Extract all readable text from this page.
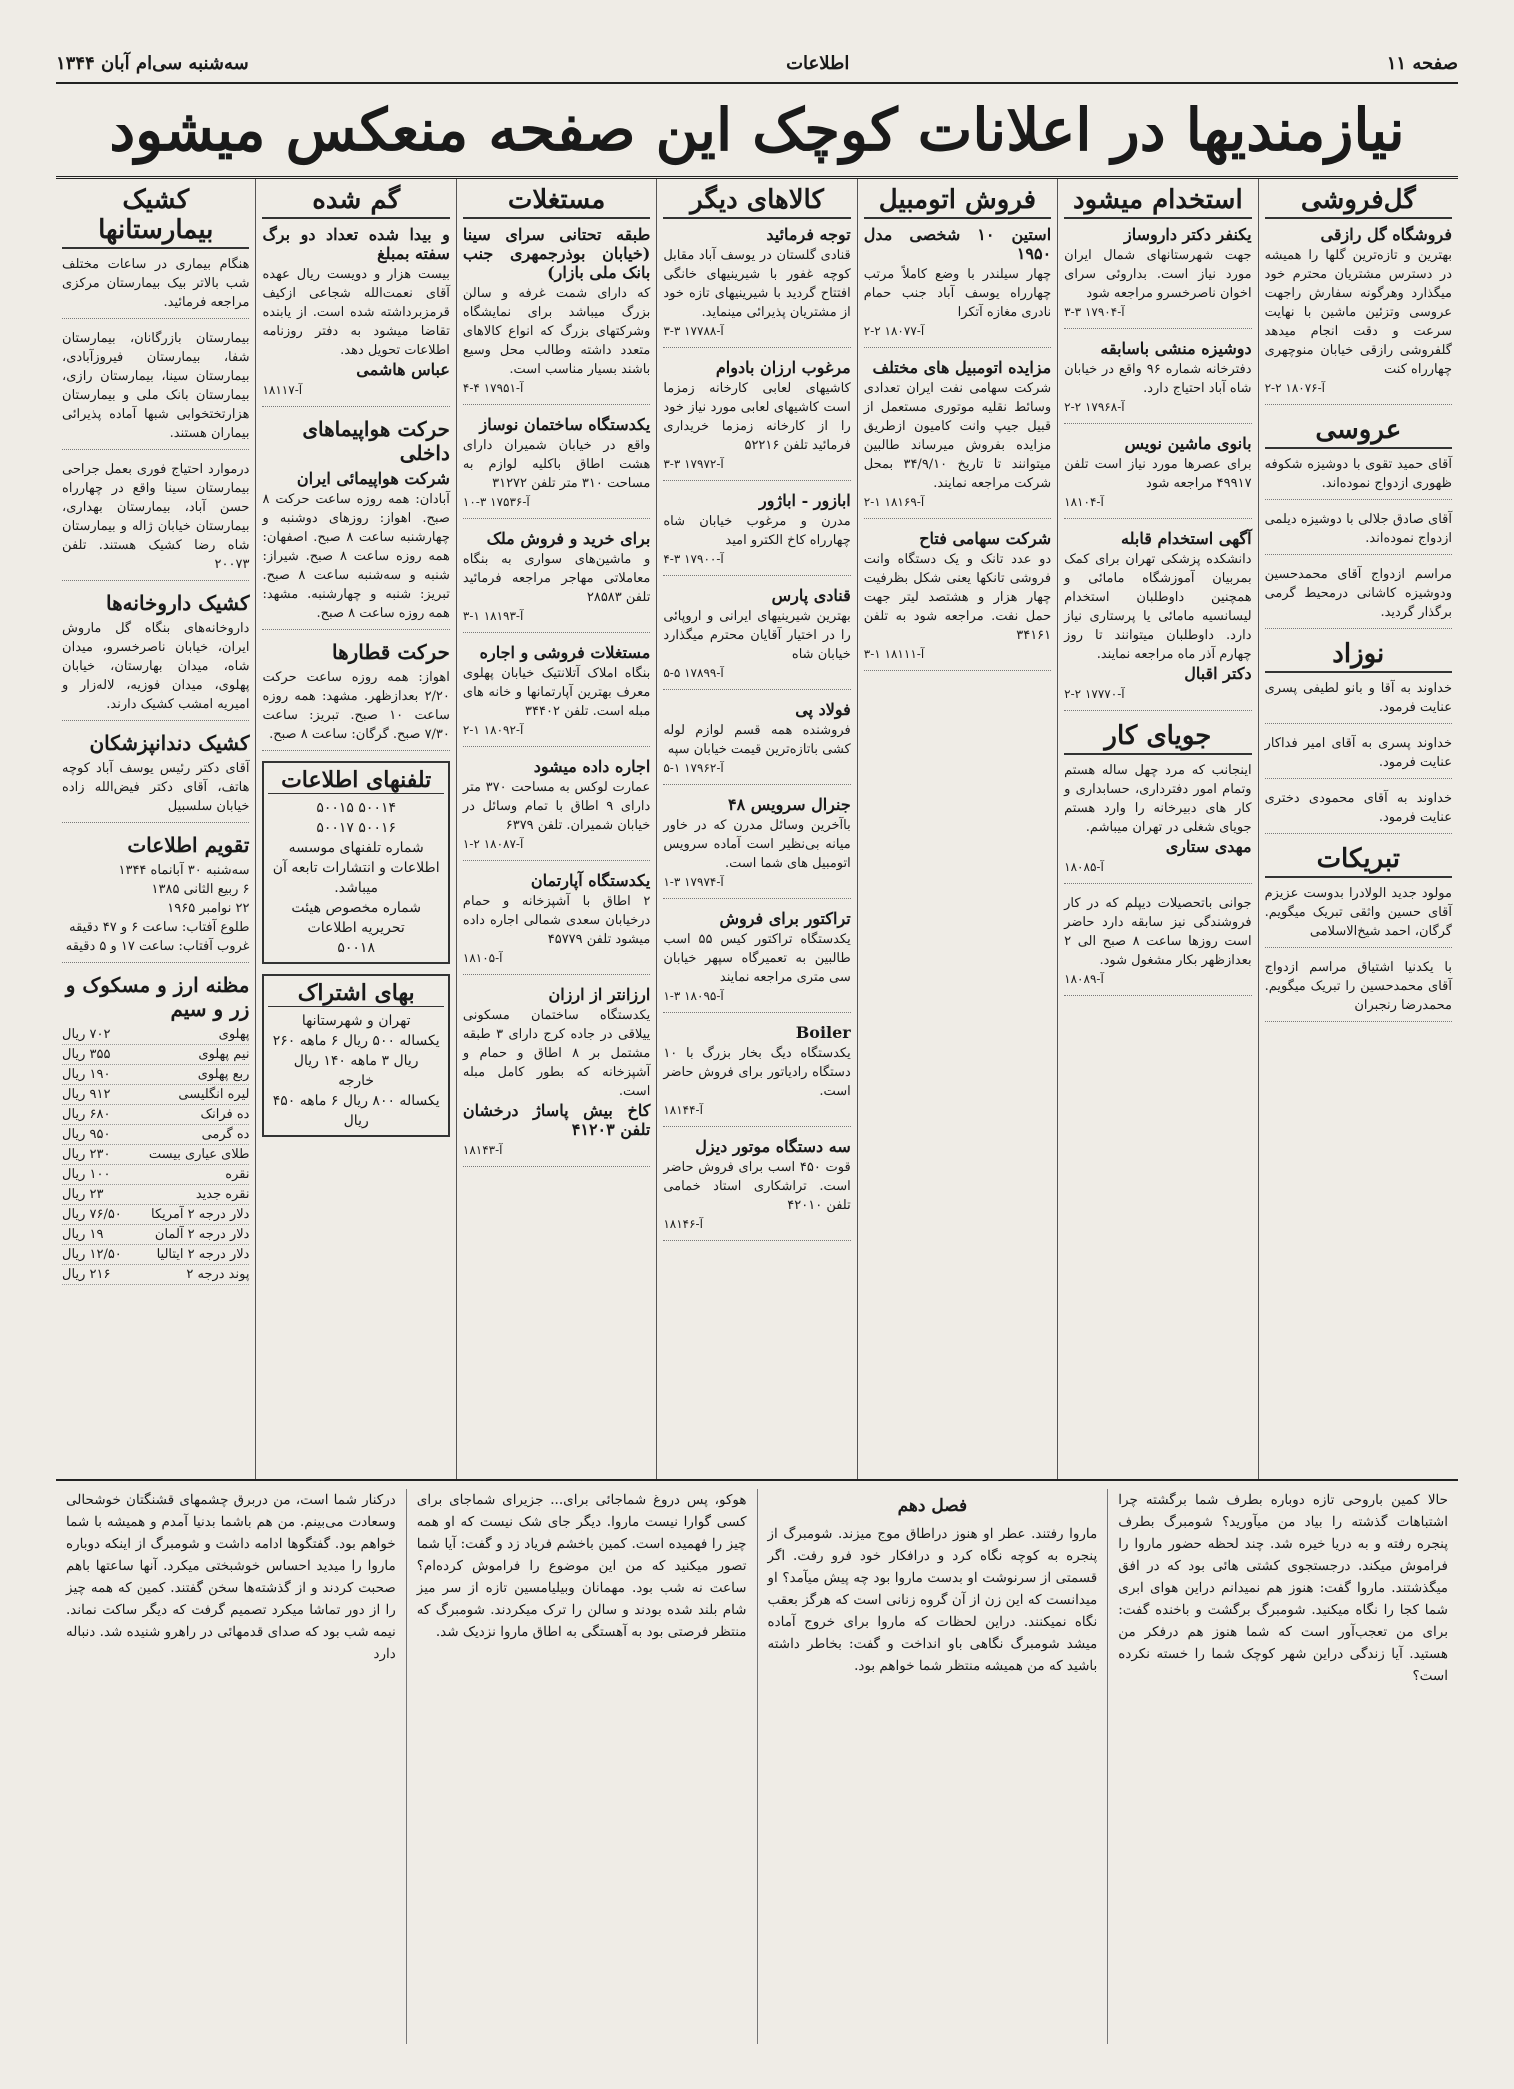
صفحه ۱۱
اطلاعات
سه‌شنبه سی‌ام آبان ۱۳۴۴
نیازمندیها در اعلانات کوچک این صفحه منعکس میشود
گل‌فروشی
فروشگاه گل رازقی
بهترین و تازه‌ترین گلها را همیشه در دسترس مشتریان محترم خود میگذارد وهرگونه سفارش راجهت عروسی وتزئین ماشین با نهایت سرعت و دقت انجام میدهد گلفروشی رازقی خیابان منوچهری چهارراه کنت
آ-۱۸۰۷۶ ۲-۲
عروسی
آقای حمید تقوی با دوشیزه شکوفه ظهوری ازدواج نموده‌اند.
آقای صادق جلالی با دوشیزه دیلمی ازدواج نموده‌اند.
مراسم ازدواج آقای محمدحسین ودوشیزه کاشانی درمحیط گرمی برگذار گردید.
نوزاد
خداوند به آقا و بانو لطیفی پسری عنایت فرمود.
خداوند پسری به آقای امیر فداکار عنایت فرمود.
خداوند به آقای محمودی دختری عنایت فرمود.
تبریکات
مولود جدید الولادرا بدوست عزیزم آقای حسین واثقی تبریک میگویم. گرگان، احمد شیخ‌الاسلامی
با یکدنیا اشتیاق مراسم ازدواج آقای محمدحسین را تبریک میگویم. محمدرضا رنجبران
استخدام میشود
یکنفر دکتر داروساز
جهت شهرستانهای شمال ایران مورد نیاز است. بداروئی سرای اخوان ناصرخسرو مراجعه شود
آ-۱۷۹۰۴ ۳-۳
دوشیزه منشی باسابقه
دفترخانه شماره ۹۶ واقع در خیابان شاه آباد احتیاج دارد.
آ-۱۷۹۶۸ ۲-۲
بانوی ماشین نویس
برای عصرها مورد نیاز است تلفن ۴۹۹۱۷ مراجعه شود
آ-۱۸۱۰۴
آگهی استخدام قابله
دانشکده پزشکی تهران برای کمک بمربیان آموزشگاه مامائی و همچنین داوطلبان استخدام لیسانسیه مامائی یا پرستاری نیاز دارد. داوطلبان میتوانند تا روز چهارم آذر ماه مراجعه نمایند.
دکتر اقبال
آ-۱۷۷۷۰ ۲-۲
جویای کار
اینجانب که مرد چهل ساله هستم وتمام امور دفترداری، حسابداری و کار های دبیرخانه را وارد هستم جویای شغلی در تهران میباشم.
مهدی ستاری
آ-۱۸۰۸۵
جوانی باتحصیلات دیپلم که در کار فروشندگی نیز سابقه دارد حاضر است روزها ساعت ۸ صبح الی ۲ بعدازظهر بکار مشغول شود.
آ-۱۸۰۸۹
فروش اتومبیل
استین ۱۰ شخصی مدل ۱۹۵۰
چهار سیلندر با وضع کاملاً مرتب چهارراه یوسف آباد جنب حمام نادری مغازه آتکرا
آ-۱۸۰۷۷ ۲-۲
مزایده اتومبیل های مختلف
شرکت سهامی نفت ایران تعدادی وسائط نقلیه موتوری مستعمل از قبیل جیپ وانت کامیون ازطریق مزایده بفروش میرساند طالبین میتوانند تا تاریخ ۳۴/۹/۱۰ بمحل شرکت مراجعه نمایند.
آ-۱۸۱۶۹ ۱-۲
شرکت سهامی فتاح
دو عدد تانک و یک دستگاه وانت فروشی تانکها یعنی شکل بظرفیت چهار هزار و هشتصد لیتر جهت حمل نفت. مراجعه شود به تلفن ۳۴۱۶۱
آ-۱۸۱۱۱ ۱-۳
کالاهای دیگر
توجه فرمائید
قنادی گلستان در یوسف آباد مقابل کوچه غفور با شیرینیهای خانگی افتتاح گردید با شیرینیهای تازه خود از مشتریان پذیرائی مینماید.
آ-۱۷۷۸۸ ۳-۳
مرغوب ارزان بادوام
کاشیهای لعابی کارخانه زمزما است کاشیهای لعابی مورد نیاز خود را از کارخانه زمزما خریداری فرمائید تلفن ۵۲۲۱۶
آ-۱۷۹۷۲ ۳-۳
ابازور - اباژور
مدرن و مرغوب خیابان شاه چهارراه کاخ الکترو امید
آ-۱۷۹۰۰ ۳-۴
قنادی پارس
بهترین شیرینیهای ایرانی و اروپائی را در اختیار آقایان محترم میگذارد خیابان شاه
آ-۱۷۸۹۹ ۵-۵
فولاد پی
فروشنده همه قسم لوازم لوله کشی باتازه‌ترین قیمت خیابان سپه
آ-۱۷۹۶۲ ۱-۵
جنرال سرویس ۴۸
باآخرین وسائل مدرن که در خاور میانه بی‌نظیر است آماده سرویس اتومبیل های شما است.
آ-۱۷۹۷۴ ۳-۱
تراکتور برای فروش
یکدستگاه تراکتور کیس ۵۵ اسب طالبین به تعمیرگاه سپهر خیابان سی متری مراجعه نمایند
آ-۱۸۰۹۵ ۳-۱
Boiler
یکدستگاه دیگ بخار بزرگ با ۱۰ دستگاه رادیاتور برای فروش حاضر است.
آ-۱۸۱۴۴
سه دستگاه موتور دیزل
قوت ۴۵۰ اسب برای فروش حاضر است. تراشکاری استاد خمامی تلفن ۴۲۰۱۰
آ-۱۸۱۴۶
مستغلات
طبقه تحتانی سرای سینا (خیابان بوذرجمهری جنب بانک ملی بازار)
که دارای شمت غرفه و سالن بزرگ میباشد برای نمایشگاه وشرکتهای بزرگ که انواع کالاهای متعدد داشته وطالب محل وسیع باشند بسیار مناسب است.
آ-۱۷۹۵۱ ۴-۴
یکدستگاه ساختمان نوساز
واقع در خیابان شمیران دارای هشت اطاق باکلیه لوازم به مساحت ۳۱۰ متر تلفن ۳۱۲۷۲
آ-۱۷۵۳۶ ۳-۱۰
برای خرید و فروش ملک
و ماشین‌های سواری به بنگاه معاملاتی مهاجر مراجعه فرمائید تلفن ۲۸۵۸۳
آ-۱۸۱۹۳ ۱-۳
مستغلات فروشی و اجاره
بنگاه املاک آتلانتیک خیابان پهلوی معرف بهترین آپارتمانها و خانه های مبله است. تلفن ۳۴۴۰۲
آ-۱۸۰۹۲ ۱-۲
اجاره داده میشود
عمارت لوکس به مساحت ۳۷۰ متر دارای ۹ اطاق با تمام وسائل در خیابان شمیران. تلفن ۶۳۷۹
آ-۱۸۰۸۷ ۲-۱
یکدستگاه آپارتمان
۲ اطاق با آشپزخانه و حمام درخیابان سعدی شمالی اجاره داده میشود تلفن ۴۵۷۷۹
آ-۱۸۱۰۵
ارزانتر از ارزان
یکدستگاه ساختمان مسکونی ییلاقی در جاده کرج دارای ۳ طبقه مشتمل بر ۸ اطاق و حمام و آشپزخانه که بطور کامل مبله است.
کاخ بیش پاساژ درخشان تلفن ۴۱۲۰۳
آ-۱۸۱۴۳
گم شده
و بیدا شده تعداد دو برگ سفته بمبلغ
بیست هزار و دویست ریال عهده آقای نعمت‌الله شجاعی ازکیف قرمزبرداشته شده است. از یابنده تقاضا میشود به دفتر روزنامه اطلاعات تحویل دهد.
عباس هاشمی
آ-۱۸۱۱۷
حرکت هواپیماهای داخلی
شرکت هواپیمائی ایران
آبادان: همه روزه ساعت حرکت ۸ صبح. اهواز: روزهای دوشنبه و چهارشنبه ساعت ۸ صبح. اصفهان: همه روزه ساعت ۸ صبح. شیراز: شنبه و سه‌شنبه ساعت ۸ صبح. تبریز: شنبه و چهارشنبه. مشهد: همه روزه ساعت ۸ صبح.
حرکت قطارها
اهواز: همه روزه ساعت حرکت ۲/۲۰ بعدازظهر. مشهد: همه روزه ساعت ۱۰ صبح. تبریز: ساعت ۷/۳۰ صبح. گرگان: ساعت ۸ صبح.
تلفنهای اطلاعات
۵۰۰۱۴ ۵۰۰۱۵
۵۰۰۱۶ ۵۰۰۱۷
شماره تلفنهای موسسه اطلاعات و انتشارات تابعه آن میباشد.
شماره مخصوص هیئت تحریریه اطلاعات
۵۰۰۱۸
بهای اشتراک
تهران و شهرستانها
یکساله ۵۰۰ ریال ۶ ماهه ۲۶۰ ریال ۳ ماهه ۱۴۰ ریال
خارجه
یکساله ۸۰۰ ریال ۶ ماهه ۴۵۰ ریال
کشیک بیمارستانها
هنگام بیماری در ساعات مختلف شب بالاتر بیک بیمارستان مرکزی مراجعه فرمائید.
بیمارستان بازرگانان، بیمارستان شفا، بیمارستان فیروزآبادی، بیمارستان سینا، بیمارستان رازی، بیمارستان بانک ملی و بیمارستان هزارتختخوابی شبها آماده پذیرائی بیماران هستند.
درموارد احتیاج فوری بعمل جراحی بیمارستان سینا واقع در چهارراه حسن آباد، بیمارستان بهداری، بیمارستان خیابان ژاله و بیمارستان شاه رضا کشیک هستند. تلفن ۲۰۰۷۳
کشیک داروخانه‌ها
داروخانه‌های بنگاه گل ماروش ایران، خیابان ناصرخسرو، میدان شاه، میدان بهارستان، خیابان پهلوی، میدان فوزیه، لاله‌زار و امیریه امشب کشیک دارند.
کشیک دندانپزشکان
آقای دکتر رئیس یوسف آباد کوچه هاتف، آقای دکتر فیض‌الله زاده خیابان سلسبیل
تقویم اطلاعات
سه‌شنبه ۳۰ آبانماه ۱۳۴۴
۶ ربیع الثانی ۱۳۸۵
۲۲ نوامبر ۱۹۶۵
طلوع آفتاب: ساعت ۶ و ۴۷ دقیقه
غروب آفتاب: ساعت ۱۷ و ۵ دقیقه
مظنه ارز و مسکوک و زر و سیم
پهلوی
۷۰۲ ریال
نیم پهلوی
۳۵۵ ریال
ربع پهلوی
۱۹۰ ریال
لیره انگلیسی
۹۱۲ ریال
ده فرانک
۶۸۰ ریال
ده گرمی
۹۵۰ ریال
طلای عیاری بیست
۲۳۰ ریال
نقره
۱۰۰ ریال
نقره جدید
۲۳ ریال
دلار درجه ۲ آمریکا
۷۶/۵۰ ریال
دلار درجه ۲ آلمان
۱۹ ریال
دلار درجه ۲ ایتالیا
۱۲/۵۰ ریال
پوند درجه ۲
۲۱۶ ریال
حالا کمین باروحی تازه دوباره بطرف شما برگشته چرا اشتباهات گذشته را بیاد من میآورید؟ شومبرگ بطرف پنجره رفته و به دریا خیره شد. چند لحظه حضور ماروا را فراموش میکند. درجستجوی کشتی هائی بود که در افق میگذشتند. ماروا گفت: هنوز هم نمیدانم دراین هوای ابری شما کجا را نگاه میکنید. شومبرگ برگشت و باخنده گفت: برای من تعجب‌آور است که شما هنوز هم درفکر من هستید. آیا زندگی دراین شهر کوچک شما را خسته نکرده است؟
فصل دهم
ماروا رفتند. عطر او هنوز دراطاق موج میزند. شومبرگ از پنجره به کوچه نگاه کرد و درافکار خود فرو رفت. اگر قسمتی از سرنوشت او بدست ماروا بود چه پیش میآمد؟ او میدانست که این زن از آن گروه زنانی است که هرگز بعقب نگاه نمیکنند. دراین لحظات که ماروا برای خروج آماده میشد شومبرگ نگاهی باو انداخت و گفت: بخاطر داشته باشید که من همیشه منتظر شما خواهم بود.
هوکو، پس دروغ شماجائی برای... جزیرای شماجای برای کسی گوارا نیست ماروا. دیگر جای شک نیست که او همه چیز را فهمیده است. کمین باخشم فریاد زد و گفت: آیا شما تصور میکنید که من این موضوع را فراموش کرده‌ام؟ ساعت نه شب بود. مهمانان وبیلیامسین تازه از سر میز شام بلند شده بودند و سالن را ترک میکردند. شومبرگ که منتظر فرصتی بود به آهستگی به اطاق ماروا نزدیک شد.
دركنار شما است، من دربرق چشمهای قشنگتان خوشحالی وسعادت می‌بینم. من هم باشما بدنیا آمدم و همیشه با شما خواهم بود. گفتگوها ادامه داشت و شومبرگ از اینکه دوباره ماروا را میدید احساس خوشبختی میکرد. آنها ساعتها باهم صحبت کردند و از گذشته‌ها سخن گفتند. کمین که همه چیز را از دور تماشا میکرد تصمیم گرفت که دیگر ساکت نماند. نیمه شب بود که صدای قدمهائی در راهرو شنیده شد. دنباله دارد
